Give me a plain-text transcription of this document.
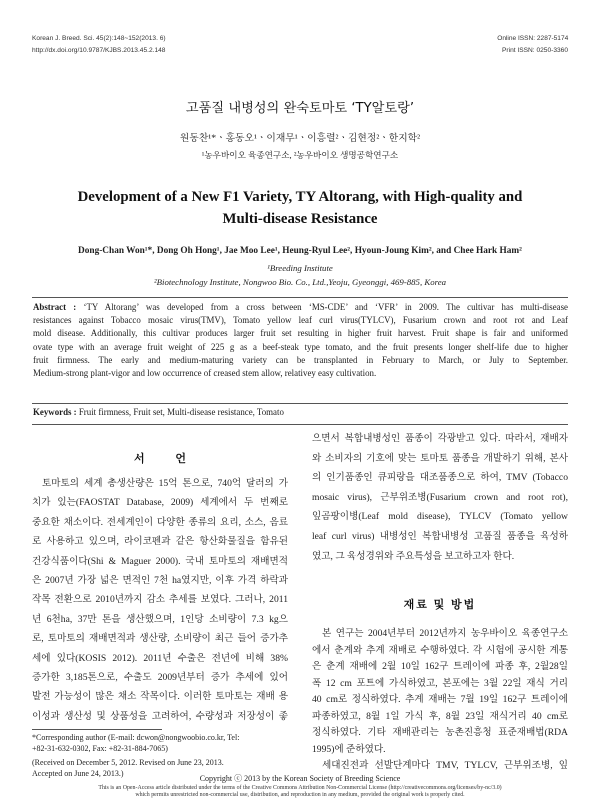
Korean J. Breed. Sci. 45(2):148~152(2013. 6)
http://dx.doi.org/10.9787/KJBS.2013.45.2.148
Online ISSN: 2287-5174
Print ISSN: 0250-3360
고품질 내병성의 완숙토마토 ‘TY알토랑’
원동찬¹*ㆍ홍동오¹ㆍ이재무¹ㆍ이흥렬²ㆍ김현정²ㆍ한지학²
¹농우바이오 육종연구소, ²농우바이오 생명공학연구소
Development of a New F1 Variety, TY Altorang, with High-quality and
Multi-disease Resistance
Dong-Chan Won¹*, Dong Oh Hong¹, Jae Moo Lee¹, Heung-Ryul Lee², Hyoun-Joung Kim², and Chee Hark Ham²
¹Breeding Institute
²Biotechnology Institute, Nongwoo Bio. Co., Ltd.,Yeoju, Gyeonggi, 469-885, Korea
Abstract : ‘TY Altorang’ was developed from a cross between ‘MS-CDE’ and ‘VFR’ in 2009. The cultivar has multi-disease
resistances against Tobacco mosaic virus(TMV), Tomato yellow leaf curl virus(TYLCV), Fusarium crown and root rot and Leaf
mold disease. Additionally, this cultivar produces larger fruit set resulting in higher fruit harvest. Fruit shape is fair and uniformed
ovate type with an average fruit weight of 225 g as a beef-steak type tomato, and the fruit presents longer shelf-life due to higher
fruit firmness. The early and medium-maturing variety can be transplanted in February to March, or July to September.
Medium-strong plant-vigor and low occurrence of creased stem allow, relativey easy cultivation.
Keywords : Fruit firmness, Fruit set, Multi-disease resistance, Tomato
서 언
토마토의 세계 총생산량은 15억 톤으로, 740억 달러의 가
치가 있는(FAOSTAT Database, 2009) 세계에서 두 번째로
중요한 채소이다. 전세계인이 다양한 종류의 요리, 소스, 음료
로 사용하고 있으며, 라이코펜과 같은 항산화물질을 함유된
건강식품이다(Shi & Maguer 2000). 국내 토마토의 재배면적
은 2007년 가장 넓은 면적인 7천 ha였지만, 이후 가격 하락과
작목 전환으로 2010년까지 감소 추세를 보였다. 그러나, 2011
년 6천ha, 37만 톤을 생산했으며, 1인당 소비량이 7.3 kg으
로, 토마토의 재배면적과 생산량, 소비량이 최근 들어 증가추
세에 있다(KOSIS 2012). 2011년 수출은 전년에 비해 38%
증가한 3,185톤으로, 수출도 2009년부터 증가 추세에 있어
발전 가능성이 많은 채소 작목이다. 이러한 토마토는 재배 용
이성과 생산성 및 상품성을 고려하여, 수량성과 저장성이 좋
*Corresponding author (E-mail: dcwon@nongwoobio.co.kr, Tel:
+82-31-632-0302, Fax: +82-31-884-7065)
(Received on December 5, 2012. Revised on June 23, 2013.
Accepted on June 24, 2013.)
으면서 복합내병성인 품종이 각광받고 있다. 따라서, 재배자
와 소비자의 기호에 맞는 토마토 품종을 개발하기 위해, 본사
의 인기품종인 큐피랑을 대조품종으로 하여, TMV (Tobacco
mosaic virus), 근부위조병(Fusarium crown and root rot),
잎곰팡이병(Leaf mold disease), TYLCV (Tomato yellow
leaf curl virus) 내병성인 복합내병성 고품질 품종을 육성하
였고, 그 육성경위와 주요특성을 보고하고자 한다.
재료 및 방법
본 연구는 2004년부터 2012년까지 농우바이오 육종연구소
에서 춘계와 추계 재배로 수행하였다. 각 시험에 공시한 계통
은 춘계 재배에 2월 10일 162구 트레이에 파종 후, 2월28일
폭 12 cm 포트에 가식하였고, 본포에는 3월 22일 재식 거리
40 cm로 정식하였다. 추계 재배는 7월 19일 162구 트레이에
파종하였고, 8월 1일 가식 후, 8월 23일 재식거리 40 cm로
정식하였다. 기타 재배관리는 농촌진흥청 표준재배법(RDA
1995)에 준하였다.
세대진전과 선발단계마다 TMV, TYLCV, 근부위조병, 잎
Copyright ⓒ 2013 by the Korean Society of Breeding Science
This is an Open-Access article distributed under the terms of the Creative Commons Attribution Non-Commercial License (http://creativecommons.org/licenses/by-nc/3.0)
which permits unrestricted non-commercial use, distribution, and reproduction in any medium, provided the original work is properly cited.
